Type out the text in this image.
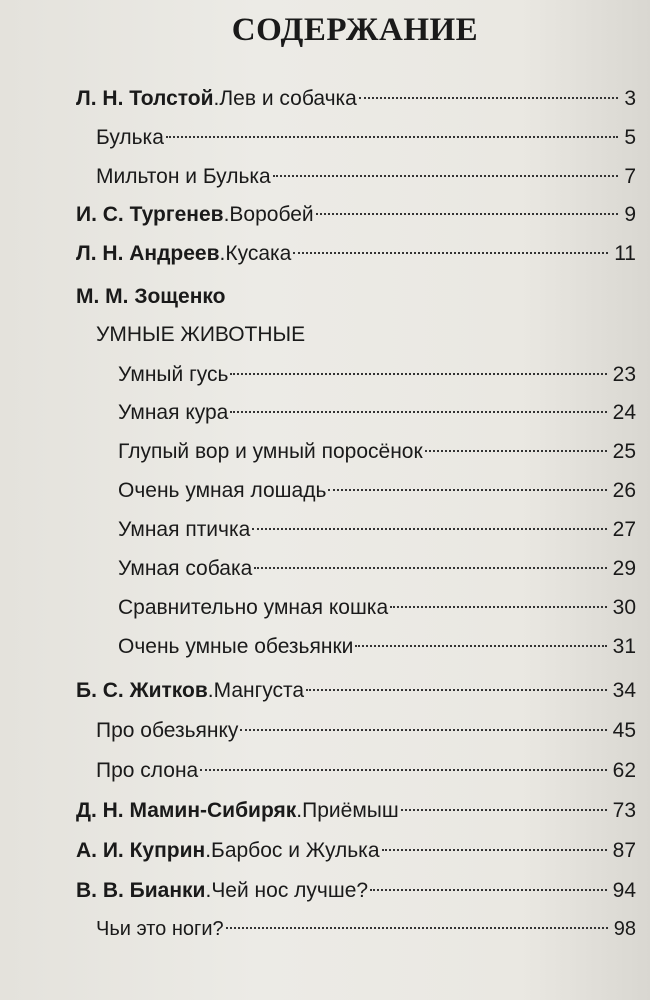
СОДЕРЖАНИЕ
Л. Н. Толстой . Лев и собачка	3
Булька	5
Мильтон и Булька	7
И. С. Тургенев . Воробей	9
Л. Н. Андреев . Кусака	11
М. М. Зощенко
УМНЫЕ ЖИВОТНЫЕ
Умный гусь	23
Умная кура	24
Глупый вор и умный поросёнок	25
Очень умная лошадь	26
Умная птичка	27
Умная собака	29
Сравнительно умная кошка	30
Очень умные обезьянки	31
Б. С. Житков . Мангуста	34
Про обезьянку	45
Про слона	62
Д. Н. Мамин-Сибиряк . Приёмыш	73
А. И. Куприн . Барбос и Жулька	87
В. В. Бианки . Чей нос лучше?	94
Чьи это ноги?	98
